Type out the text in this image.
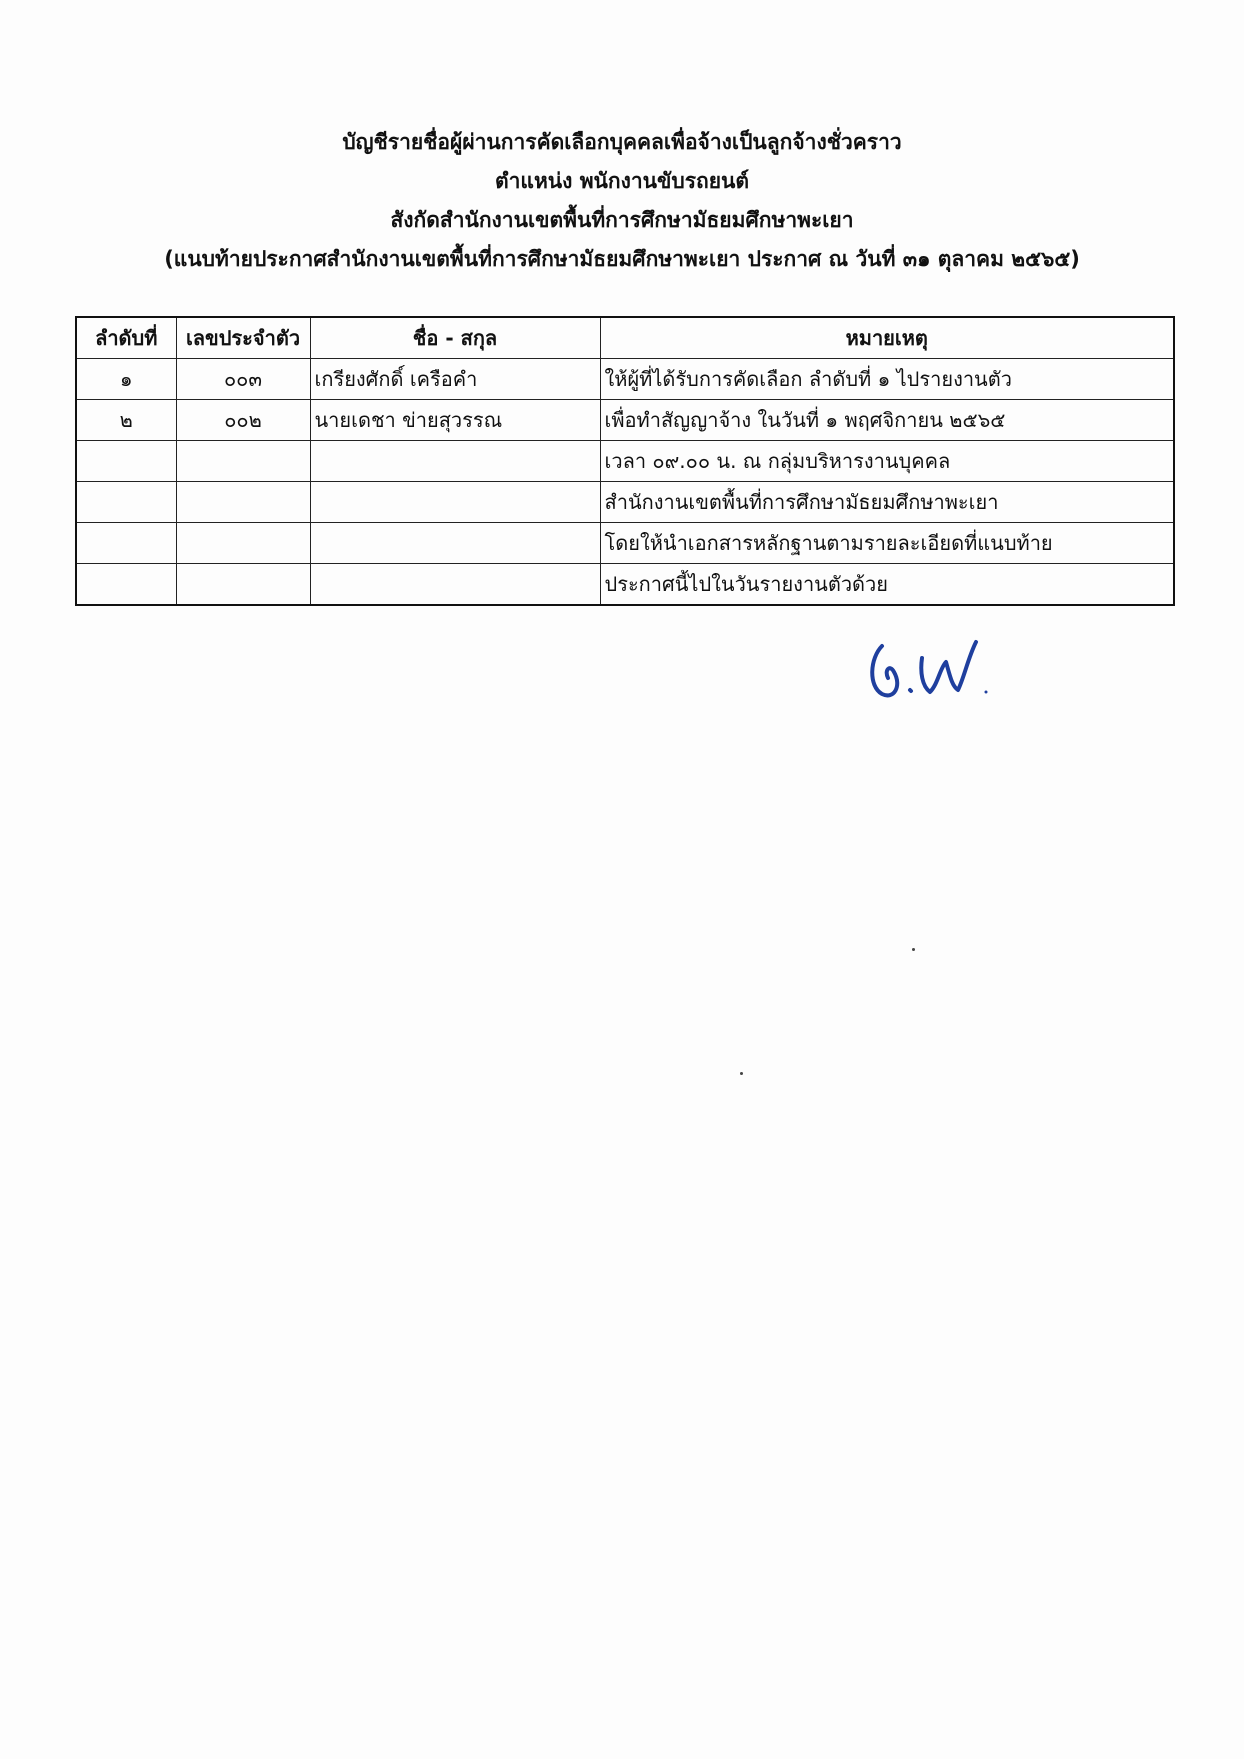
บัญชีรายชื่อผู้ผ่านการคัดเลือกบุคคลเพื่อจ้างเป็นลูกจ้างชั่วคราว
ตำแหน่ง พนักงานขับรถยนต์
สังกัดสำนักงานเขตพื้นที่การศึกษามัธยมศึกษาพะเยา
(แนบท้ายประกาศสำนักงานเขตพื้นที่การศึกษามัธยมศึกษาพะเยา ประกาศ ณ วันที่ ๓๑ ตุลาคม ๒๕๖๕)
ลำดับที่	เลขประจำตัว	ชื่อ - สกุล	หมายเหตุ
๑	๐๐๓	เกรียงศักดิ์ เครือคำ	ให้ผู้ที่ได้รับการคัดเลือก ลำดับที่ ๑ ไปรายงานตัว
๒	๐๐๒	นายเดชา ข่ายสุวรรณ	เพื่อทำสัญญาจ้าง ในวันที่ ๑ พฤศจิกายน ๒๕๖๕
			เวลา ๐๙.๐๐ น. ณ กลุ่มบริหารงานบุคคล
			สำนักงานเขตพื้นที่การศึกษามัธยมศึกษาพะเยา
			โดยให้นำเอกสารหลักฐานตามรายละเอียดที่แนบท้าย
			ประกาศนี้ไปในวันรายงานตัวด้วย
